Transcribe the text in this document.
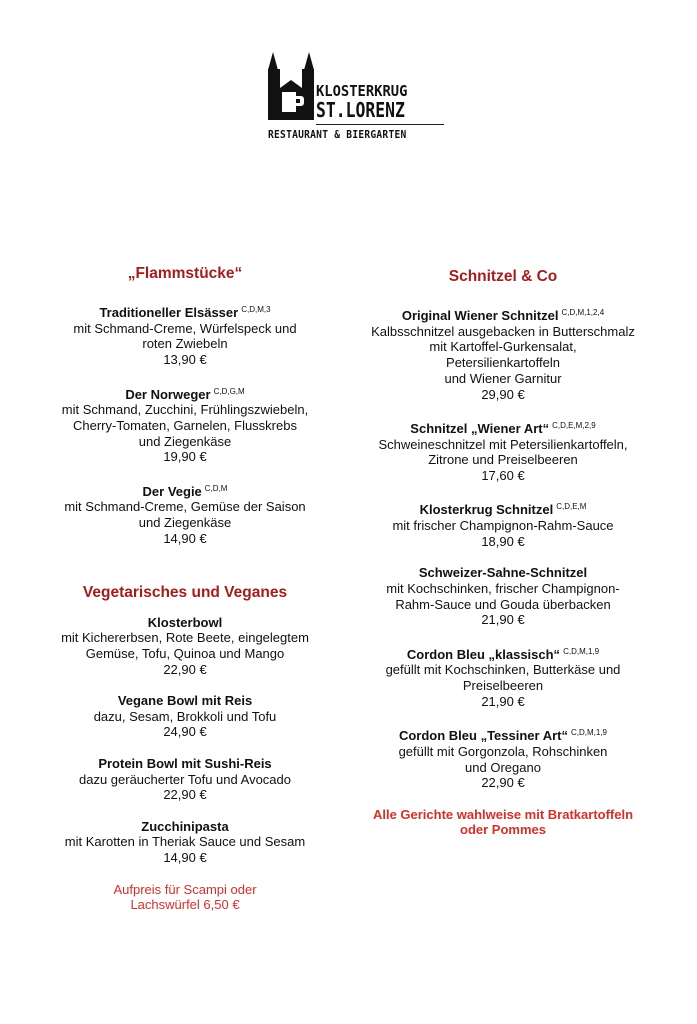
KLOSTERKRUG
ST.LORENZ
RESTAURANT & BIERGARTEN
„Flammstücke“
Traditioneller Elsässer $^{C,D,M,3}$
mit Schmand-Creme, Würfelspeck und
roten Zwiebeln
13,90 €
Der Norweger $^{C,D,G,M}$
mit Schmand, Zucchini, Frühlingszwiebeln,
Cherry-Tomaten, Garnelen, Flusskrebs
und Ziegenkäse
19,90 €
Der Vegie $^{C,D,M}$
mit Schmand-Creme, Gemüse der Saison
und Ziegenkäse
14,90 €
Vegetarisches und Veganes
Klosterbowl
mit Kichererbsen, Rote Beete, eingelegtem
Gemüse, Tofu, Quinoa und Mango
22,90 €
Vegane Bowl mit Reis
dazu, Sesam, Brokkoli und Tofu
24,90 €
Protein Bowl mit Sushi-Reis
dazu geräucherter Tofu und Avocado
22,90 €
Zucchinipasta
mit Karotten in Theriak Sauce und Sesam
14,90 €
Aufpreis für Scampi oder
Lachswürfel 6,50 €
Schnitzel & Co
Original Wiener Schnitzel $^{C,D,M,1,2,4}$
Kalbsschnitzel ausgebacken in Butterschmalz
mit Kartoffel-Gurkensalat,
Petersilienkartoffeln
und Wiener Garnitur
29,90 €
Schnitzel „Wiener Art“ $^{C,D,E,M,2,9}$
Schweineschnitzel mit Petersilienkartoffeln,
Zitrone und Preiselbeeren
17,60 €
Klosterkrug Schnitzel $^{C,D,E,M}$
mit frischer Champignon-Rahm-Sauce
18,90 €
Schweizer-Sahne-Schnitzel
mit Kochschinken, frischer Champignon-
Rahm-Sauce und Gouda überbacken
21,90 €
Cordon Bleu „klassisch“ $^{C,D,M,1,9}$
gefüllt mit Kochschinken, Butterkäse und
Preiselbeeren
21,90 €
Cordon Bleu „Tessiner Art“ $^{C,D,M,1,9}$
gefüllt mit Gorgonzola, Rohschinken
und Oregano
22,90 €
Alle Gerichte wahlweise mit Bratkartoffeln
oder Pommes
